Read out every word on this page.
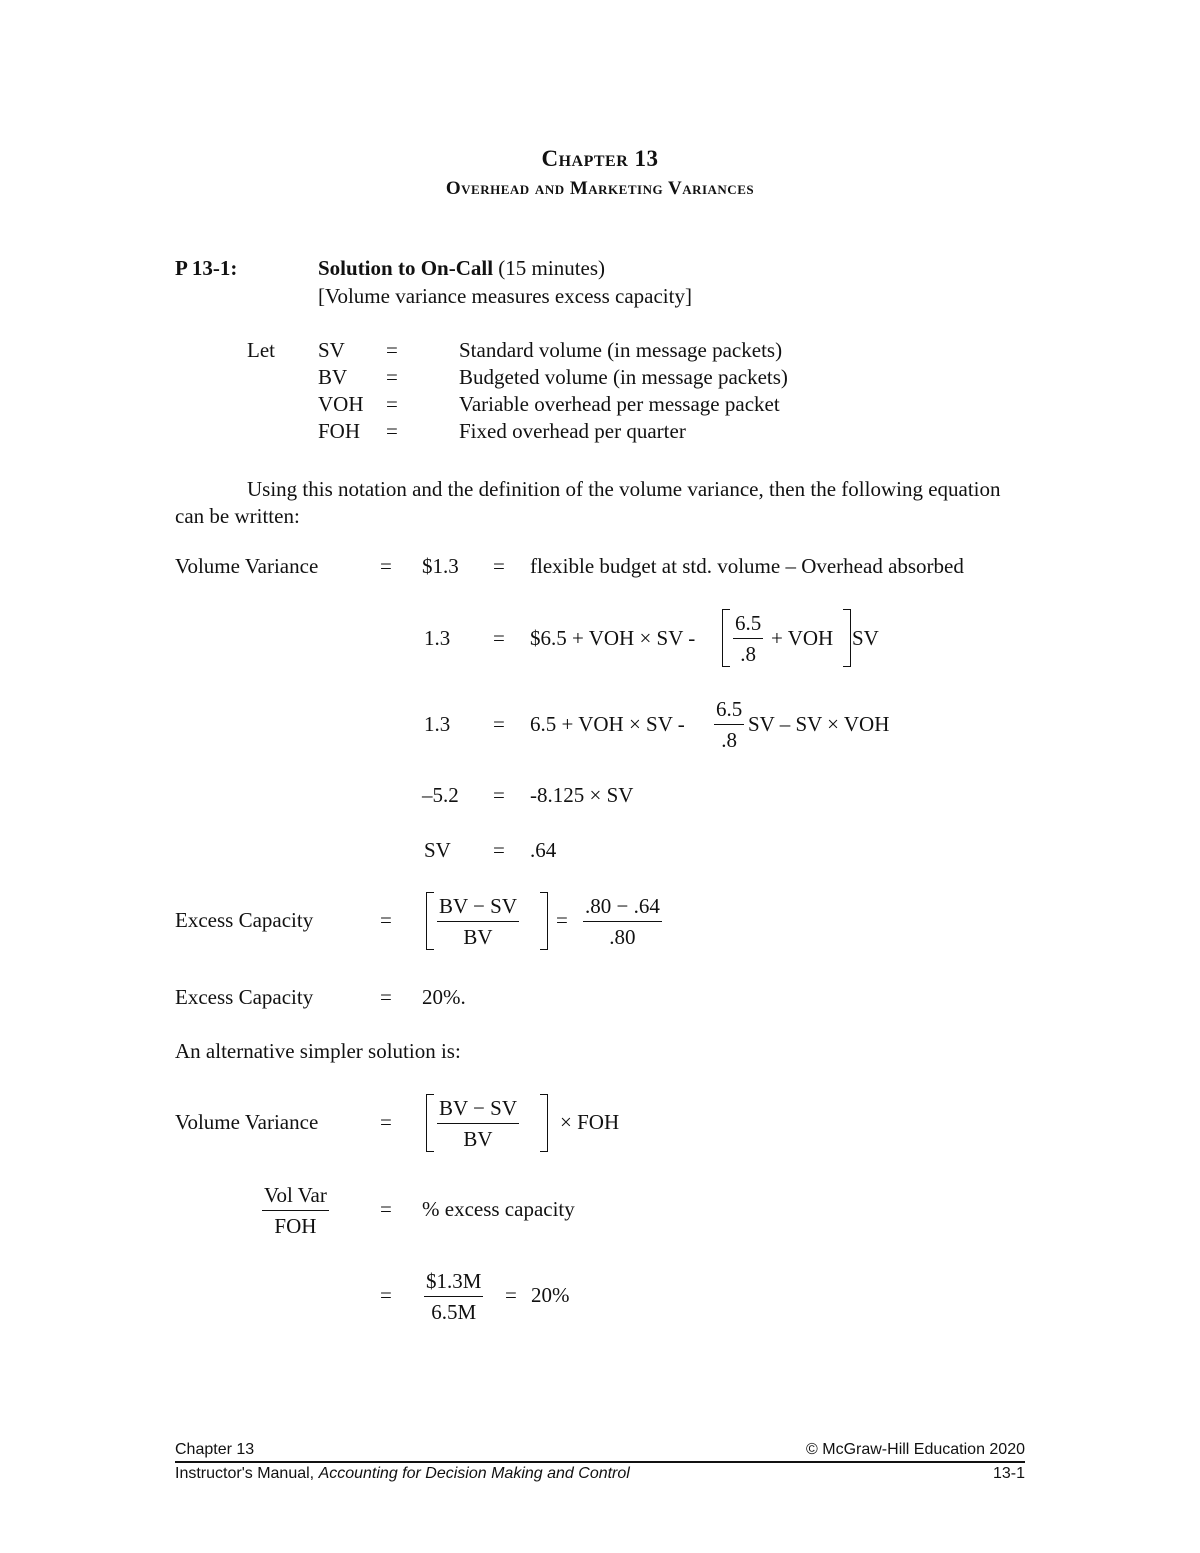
Chapter 13
Overhead and Marketing Variances
P 13-1:	Solution to On-Call (15 minutes)
[Volume variance measures excess capacity]
Let SV =	Standard volume (in message packets)
BV =	Budgeted volume (in message packets)
VOH =	Variable overhead per message packet
FOH =	Fixed overhead per quarter
Using this notation and the definition of the volume variance, then the following equation can be written:
Volume Variance	= $1.3 = flexible budget at std. volume – Overhead absorbed
1.3 = $6.5 + VOH × SV - $\frac{6.5}{.8}$ + VOH SV
1.3 = 6.5 + VOH × SV - $\frac{6.5}{.8}$ SV – SV × VOH
–5.2 = -8.125 × SV
SV = .64
Excess Capacity	= $\frac{BV - SV}{BV} = \frac{.80 - .64}{.80}$
Excess Capacity	= 20%.
An alternative simpler solution is:
Volume Variance	= $\frac{BV - SV}{BV}$ × FOH
Vol Var
FOH
= % excess capacity
= $\frac{\$1.3M}{6.5M} = 20\%$
Chapter 13	© McGraw-Hill Education 2020
Instructor's Manual, Accounting for Decision Making and Control	13-1
